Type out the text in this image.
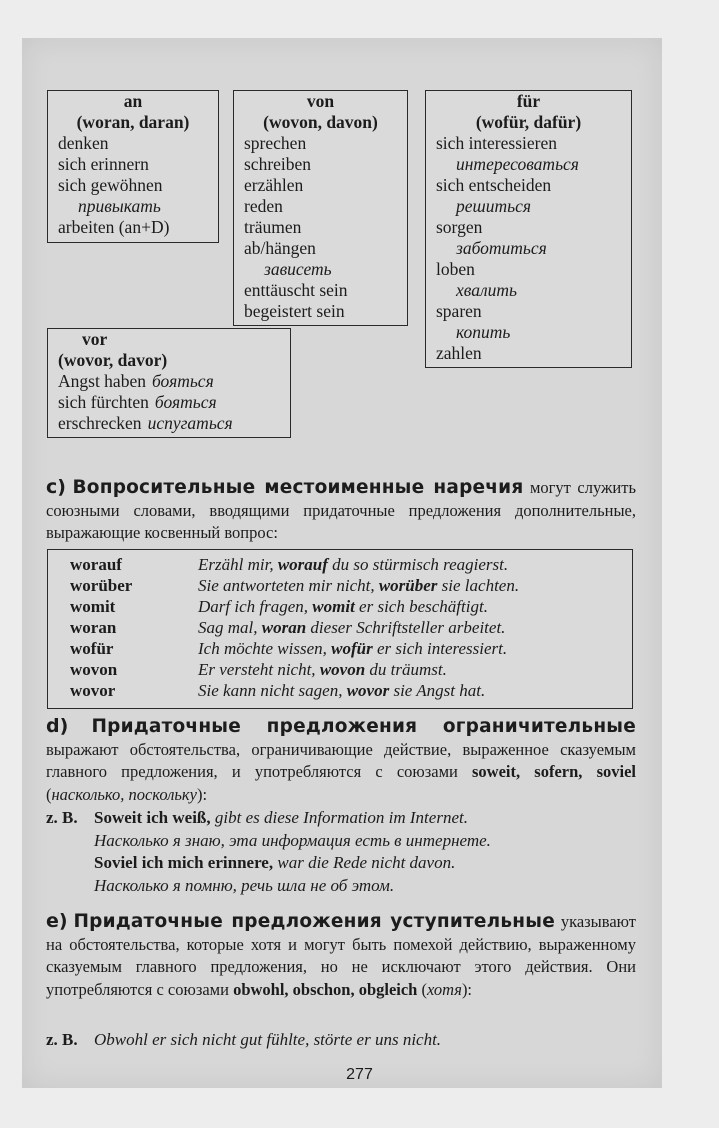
an
(woran, daran)
denken
sich erinnern
sich gewöhnen
привыкать
arbeiten (an+D)
von
(wovon, davon)
sprechen
schreiben
erzählen
reden
träumen
ab/hängen
зависеть
enttäuscht sein
begeistert sein
für
(wofür, dafür)
sich interessieren
интересоваться
sich entscheiden
решиться
sorgen
заботиться
loben
хвалить
sparen
копить
zahlen
vor
(wovor, davor)
Angst haben бояться
sich fürchten бояться
erschrecken испугаться
c) Вопросительные местоименные наречия могут служить союзными словами, вводящими придаточные предложения дополнительные, выражающие косвенный вопрос:
worauf	Erzähl mir, worauf du so stürmisch reagierst.
worüber	Sie antworteten mir nicht, worüber sie lachten.
womit	Darf ich fragen, womit er sich beschäftigt.
woran	Sag mal, woran dieser Schriftsteller arbeitet.
wofür	Ich möchte wissen, wofür er sich interessiert.
wovon	Er versteht nicht, wovon du träumst.
wovor	Sie kann nicht sagen, wovor sie Angst hat.
d) Придаточные предложения ограничительные выражают обстоятельства, ограничивающие действие, выраженное сказуемым главного предложения, и употребляются с союзами soweit, sofern, soviel (насколько, поскольку):
z. B. Soweit ich weiß, gibt es diese Information im Internet.
Насколько я знаю, эта информация есть в интернете.
Soviel ich mich erinnere, war die Rede nicht davon.
Насколько я помню, речь шла не об этом.
e) Придаточные предложения уступительные указывают на обстоятельства, которые хотя и могут быть помехой действию, выраженному сказуемым главного предложения, но не исключают этого действия. Они употребляются с союзами obwohl, obschon, obgleich (хотя):
z. B. Obwohl er sich nicht gut fühlte, störte er uns nicht.
277
